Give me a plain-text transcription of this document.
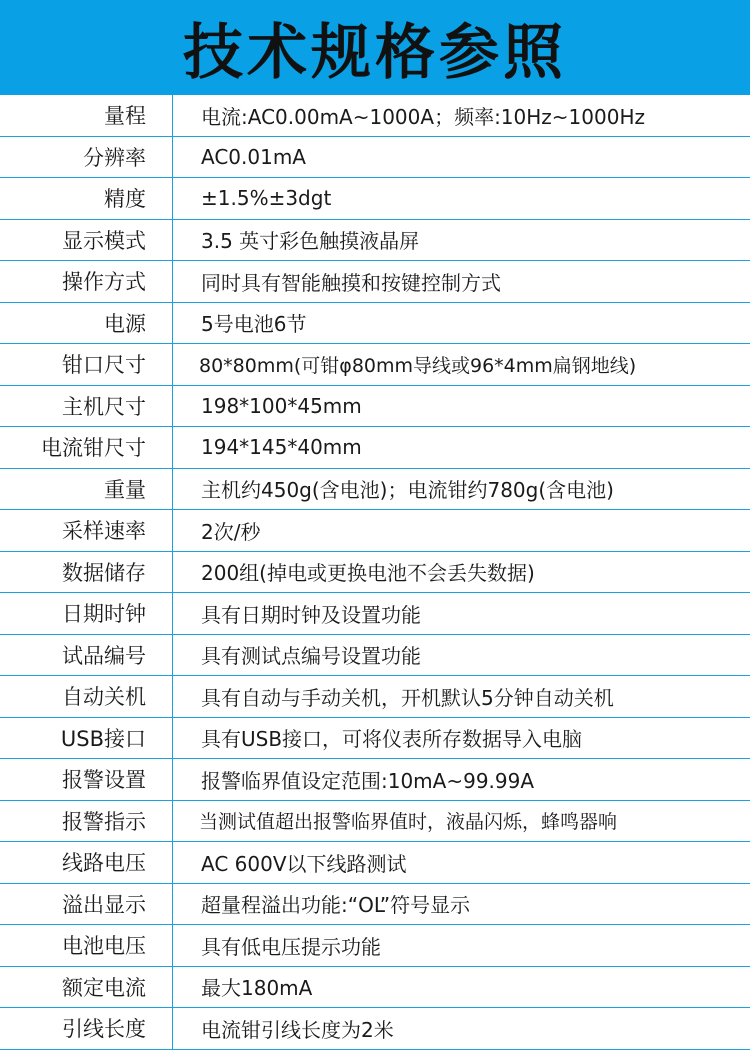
技术规格参照
量程	电流:AC0.00mA~1000A；频率:10Hz~1000Hz
分辨率	AC0.01mA
精度	±1.5%±3dgt
显示模式	3.5 英寸彩色触摸液晶屏
操作方式	同时具有智能触摸和按键控制方式
电源	5号电池6节
钳口尺寸	80*80mm(可钳φ80mm导线或96*4mm扁钢地线)
主机尺寸	198*100*45mm
电流钳尺寸	194*145*40mm
重量	主机约450g(含电池)；电流钳约780g(含电池)
采样速率	2次/秒
数据储存	200组(掉电或更换电池不会丢失数据)
日期时钟	具有日期时钟及设置功能
试品编号	具有测试点编号设置功能
自动关机	具有自动与手动关机，开机默认5分钟自动关机
USB接口	具有USB接口，可将仪表所存数据导入电脑
报警设置	报警临界值设定范围:10mA~99.99A
报警指示	当测试值超出报警临界值时，液晶闪烁，蜂鸣器响
线路电压	AC 600V以下线路测试
溢出显示	超量程溢出功能:“OL”符号显示
电池电压	具有低电压提示功能
额定电流	最大180mA
引线长度	电流钳引线长度为2米
